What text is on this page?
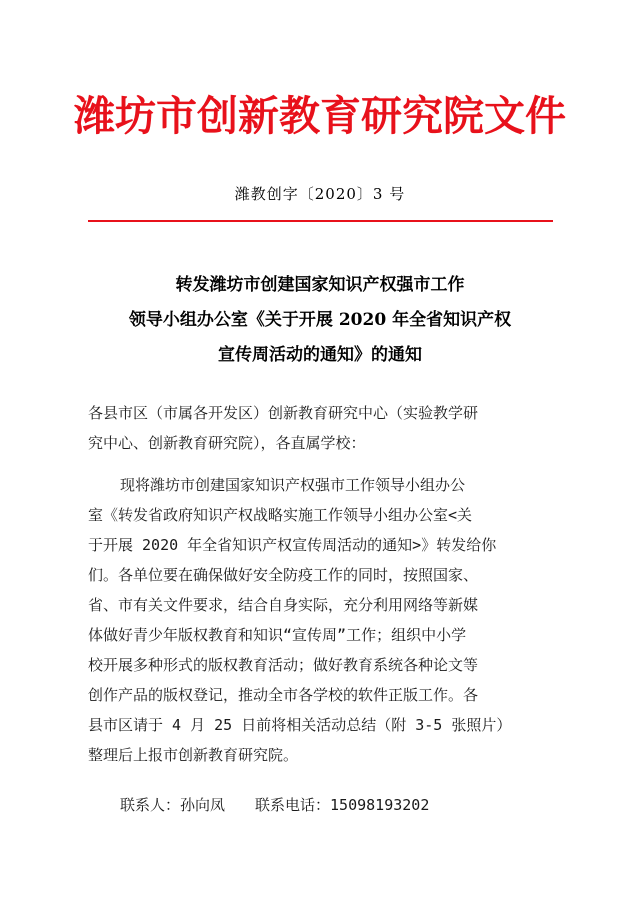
潍坊市创新教育研究院文件
潍教创字〔2020〕3 号
转发潍坊市创建国家知识产权强市工作
领导小组办公室《关于开展 2020 年全省知识产权
宣传周活动的通知》的通知
各县市区（市属各开发区）创新教育研究中心（实验教学研
究中心、创新教育研究院），各直属学校：
现将潍坊市创建国家知识产权强市工作领导小组办公
室《转发省政府知识产权战略实施工作领导小组办公室<关
于开展 2020 年全省知识产权宣传周活动的通知>》转发给你
们。各单位要在确保做好安全防疫工作的同时，按照国家、
省、市有关文件要求，结合自身实际，充分利用网络等新媒
体做好青少年版权教育和知识“宣传周”工作；组织中小学
校开展多种形式的版权教育活动；做好教育系统各种论文等
创作产品的版权登记，推动全市各学校的软件正版工作。各
县市区请于 4 月 25 日前将相关活动总结（附 3-5 张照片）
整理后上报市创新教育研究院。
联系人：孙向凤 联系电话：15098193202
